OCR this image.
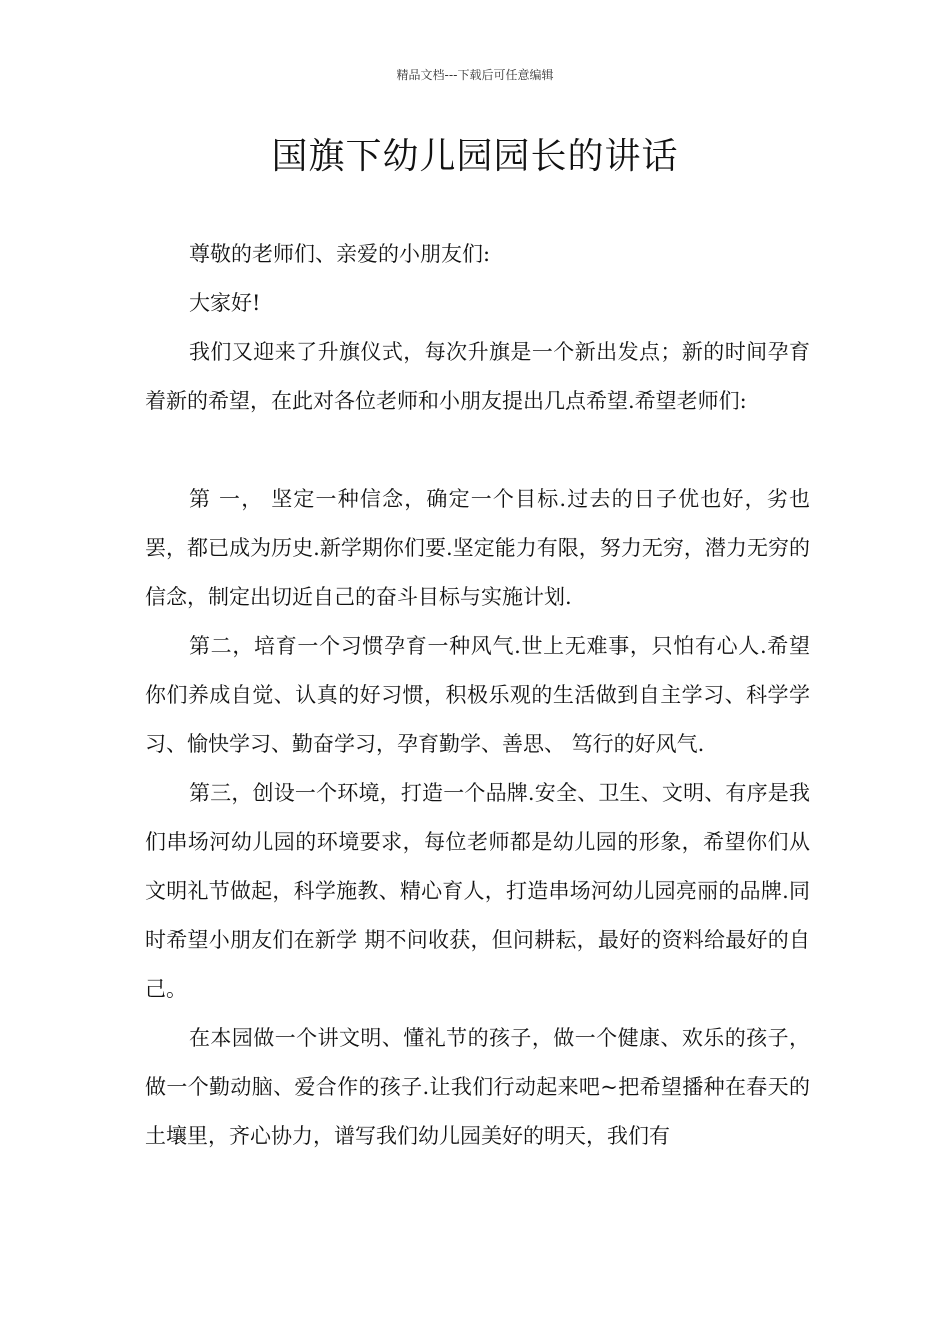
精品文档---下载后可任意编辑
国旗下幼儿园园长的讲话

尊敬的老师们、亲爱的小朋友们:

大家好!

我们又迎来了升旗仪式，每次升旗是一个新出发点；新的时间孕育着新的希望，在此对各位老师和小朋友提出几点希望.希望老师们:

第 一， 坚定一种信念，确定一个目标.过去的日子优也好，劣也罢，都已成为历史.新学期你们要.坚定能力有限，努力无穷，潜力无穷的信念，制定出切近自己的奋斗目标与实施计划.

第二，培育一个习惯孕育一种风气.世上无难事，只怕有心人.希望你们养成自觉、认真的好习惯，积极乐观的生活做到自主学习、科学学习、愉快学习、勤奋学习，孕育勤学、善思、 笃行的好风气.

第三，创设一个环境，打造一个品牌.安全、卫生、文明、有序是我们串场河幼儿园的环境要求，每位老师都是幼儿园的形象，希望你们从文明礼节做起，科学施教、精心育人，打造串场河幼儿园亮丽的品牌.同时希望小朋友们在新学 期不问收获，但问耕耘，最好的资料给最好的自己。

在本园做一个讲文明、懂礼节的孩子，做一个健康、欢乐的孩子，做一个勤动脑、爱合作的孩子.让我们行动起来吧~把希望播种在春天的土壤里，齐心协力，谱写我们幼儿园美好的明天，我们有
